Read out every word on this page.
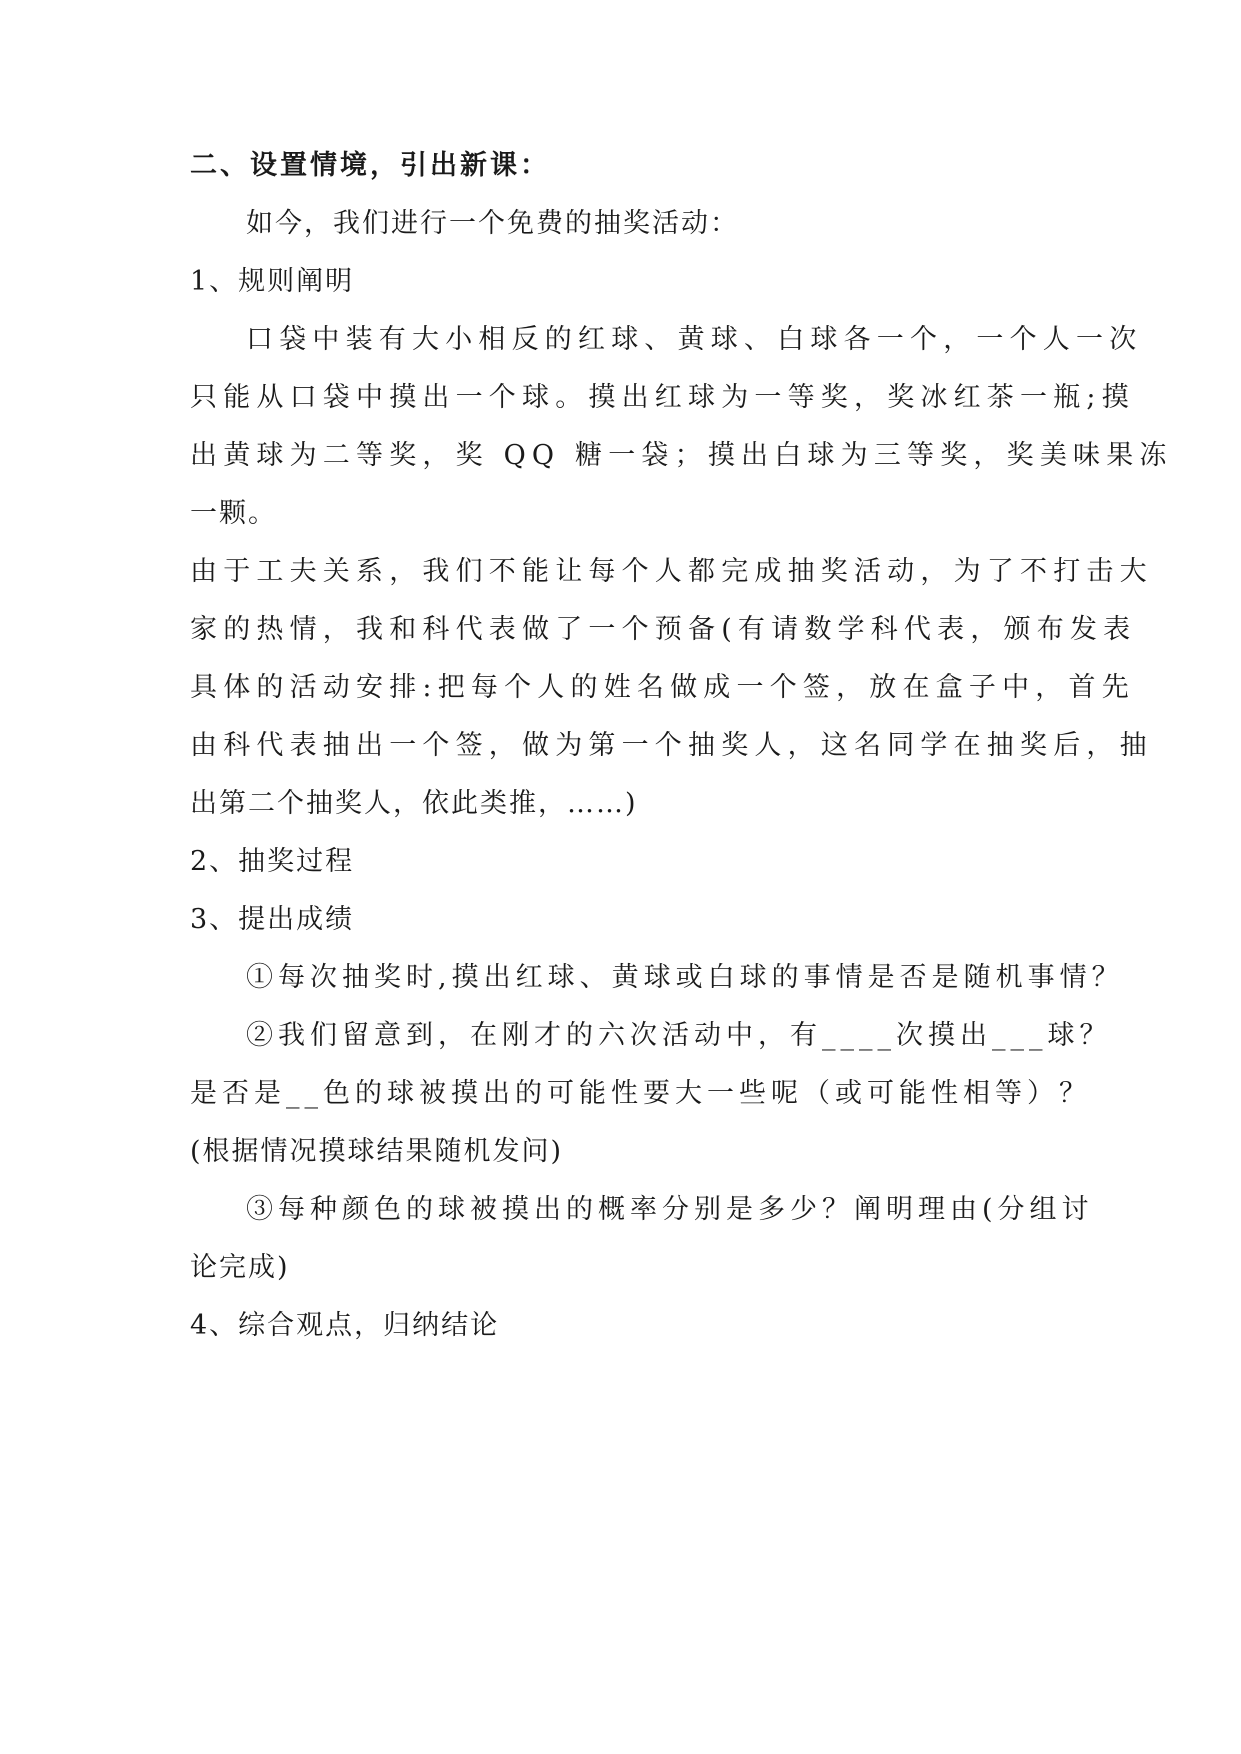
二、设置情境，引出新课：
如今，我们进行一个免费的抽奖活动：
1、规则阐明
口袋中装有大小相反的红球、黄球、白球各一个，一个人一次
只能从口袋中摸出一个球。摸出红球为一等奖，奖冰红茶一瓶;摸
出黄球为二等奖，奖 QQ 糖一袋；摸出白球为三等奖，奖美味果冻
一颗。
由于工夫关系，我们不能让每个人都完成抽奖活动，为了不打击大
家的热情，我和科代表做了一个预备(有请数学科代表，颁布发表
具体的活动安排:把每个人的姓名做成一个签，放在盒子中，首先
由科代表抽出一个签，做为第一个抽奖人，这名同学在抽奖后，抽
出第二个抽奖人，依此类推，……)
2、抽奖过程
3、提出成绩
①每次抽奖时,摸出红球、黄球或白球的事情是否是随机事情？
②我们留意到，在刚才的六次活动中，有____次摸出___球？
是否是__色的球被摸出的可能性要大一些呢（或可能性相等）？
(根据情况摸球结果随机发问)
③每种颜色的球被摸出的概率分别是多少？阐明理由(分组讨
论完成)
4、综合观点，归纳结论
